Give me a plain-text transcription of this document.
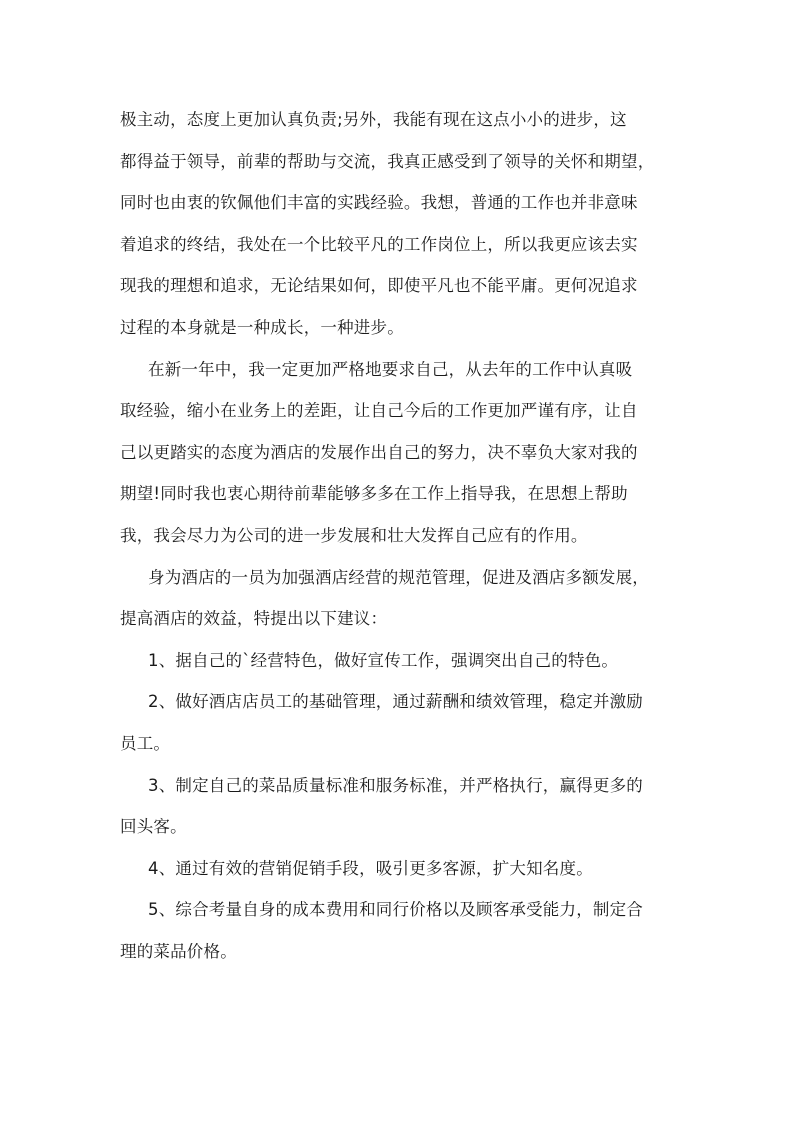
极主动，态度上更加认真负责;另外，我能有现在这点小小的进步，这
都得益于领导，前辈的帮助与交流，我真正感受到了领导的关怀和期望，
同时也由衷的钦佩他们丰富的实践经验。我想，普通的工作也并非意味
着追求的终结，我处在一个比较平凡的工作岗位上，所以我更应该去实
现我的理想和追求，无论结果如何，即使平凡也不能平庸。更何况追求
过程的本身就是一种成长，一种进步。
在新一年中，我一定更加严格地要求自己，从去年的工作中认真吸
取经验，缩小在业务上的差距，让自己今后的工作更加严谨有序，让自
己以更踏实的态度为酒店的发展作出自己的努力，决不辜负大家对我的
期望!同时我也衷心期待前辈能够多多在工作上指导我，在思想上帮助
我，我会尽力为公司的进一步发展和壮大发挥自己应有的作用。
身为酒店的一员为加强酒店经营的规范管理，促进及酒店多额发展，
提高酒店的效益，特提出以下建议：
1、据自己的`经营特色，做好宣传工作，强调突出自己的特色。
2、做好酒店店员工的基础管理，通过薪酬和绩效管理，稳定并激励
员工。
3、制定自己的菜品质量标准和服务标准，并严格执行，赢得更多的
回头客。
4、通过有效的营销促销手段，吸引更多客源，扩大知名度。
5、综合考量自身的成本费用和同行价格以及顾客承受能力，制定合
理的菜品价格。
